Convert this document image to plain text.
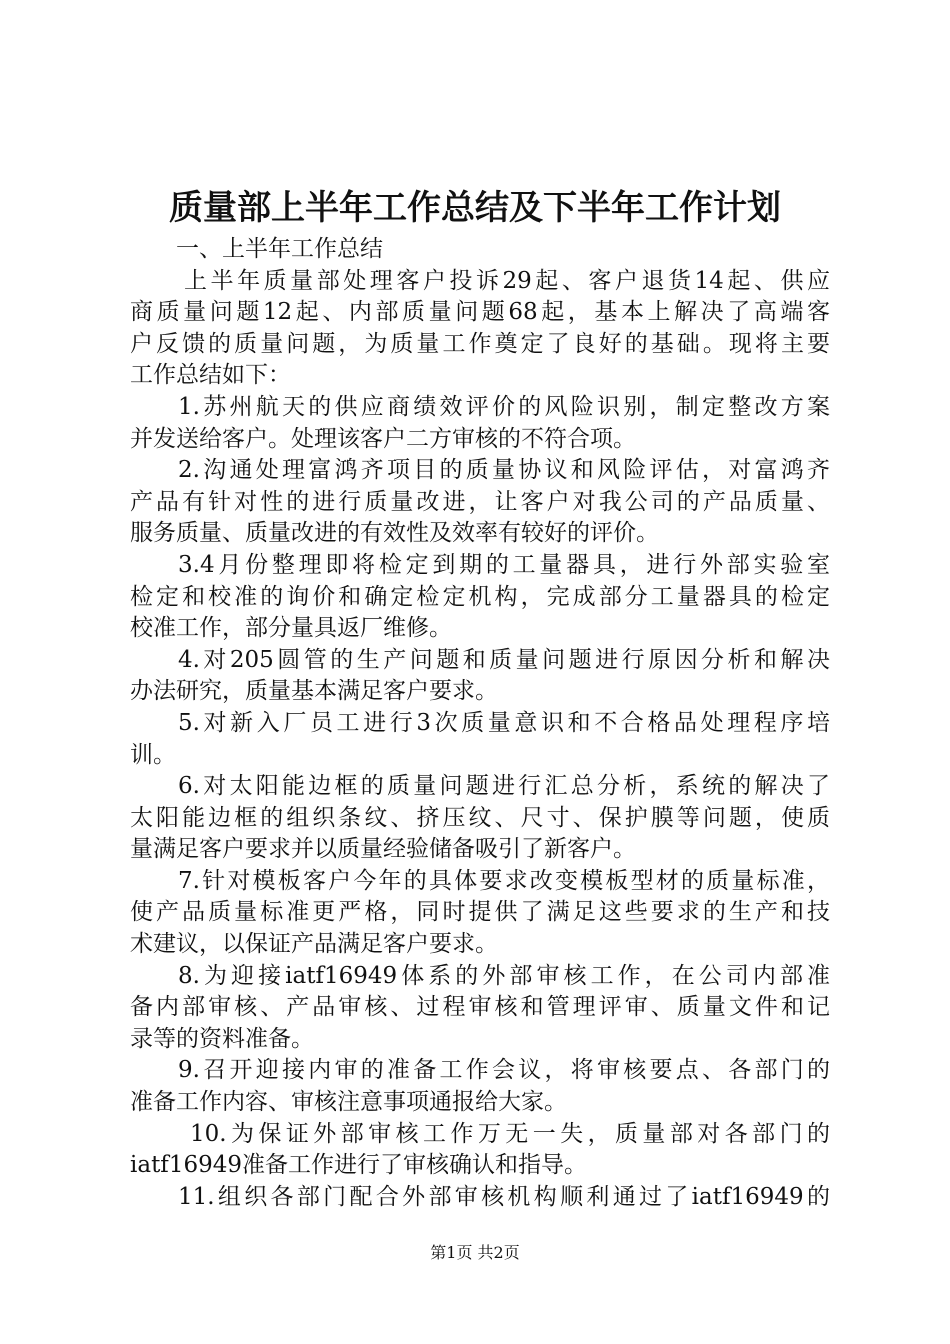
质量部上半年工作总结及下半年工作计划
一、上半年工作总结
上半年质量部处理客户投诉29起、客户退货14起、供应
商质量问题12起、内部质量问题68起，基本上解决了高端客
户反馈的质量问题，为质量工作奠定了良好的基础。现将主要
工作总结如下：
1.苏州航天的供应商绩效评价的风险识别，制定整改方案
并发送给客户。处理该客户二方审核的不符合项。
2.沟通处理富鸿齐项目的质量协议和风险评估，对富鸿齐
产品有针对性的进行质量改进，让客户对我公司的产品质量、
服务质量、质量改进的有效性及效率有较好的评价。
3.4月份整理即将检定到期的工量器具，进行外部实验室
检定和校准的询价和确定检定机构，完成部分工量器具的检定
校准工作，部分量具返厂维修。
4.对205圆管的生产问题和质量问题进行原因分析和解决
办法研究，质量基本满足客户要求。
5.对新入厂员工进行3次质量意识和不合格品处理程序培
训。
6.对太阳能边框的质量问题进行汇总分析，系统的解决了
太阳能边框的组织条纹、挤压纹、尺寸、保护膜等问题，使质
量满足客户要求并以质量经验储备吸引了新客户。
7.针对模板客户今年的具体要求改变模板型材的质量标准，
使产品质量标准更严格，同时提供了满足这些要求的生产和技
术建议，以保证产品满足客户要求。
8.为迎接iatf16949体系的外部审核工作，在公司内部准
备内部审核、产品审核、过程审核和管理评审、质量文件和记
录等的资料准备。
9.召开迎接内审的准备工作会议，将审核要点、各部门的
准备工作内容、审核注意事项通报给大家。
10.为保证外部审核工作万无一失，质量部对各部门的
iatf16949准备工作进行了审核确认和指导。
11.组织各部门配合外部审核机构顺利通过了iatf16949的
第1页 共2页
